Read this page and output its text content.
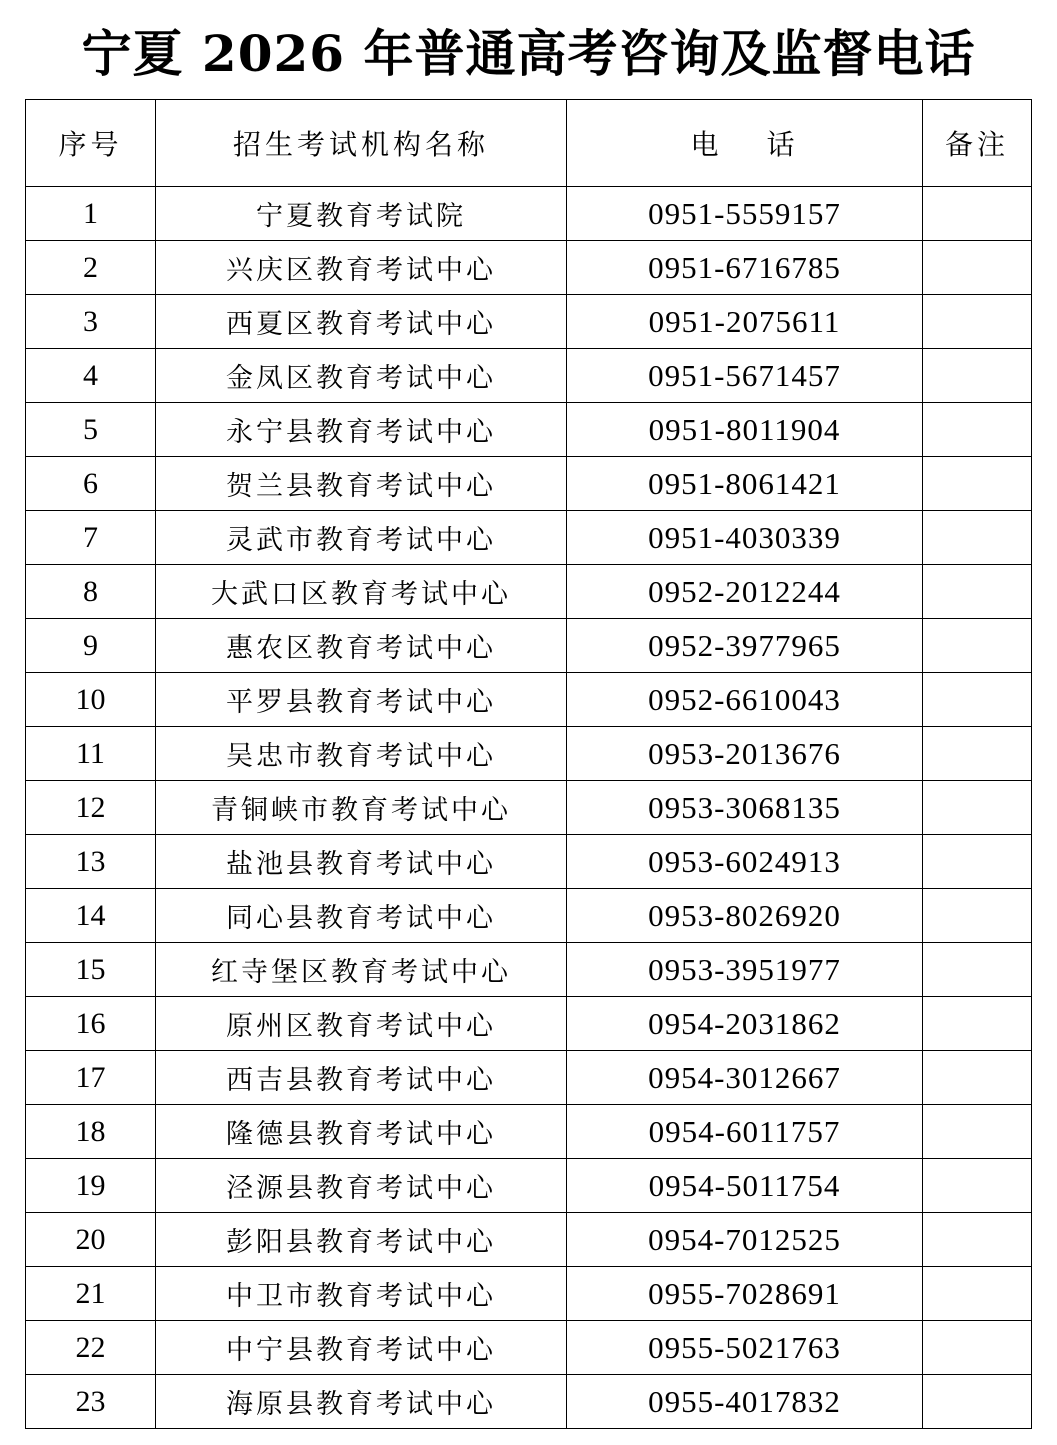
宁夏 2026 年普通高考咨询及监督电话
序号	招生考试机构名称	电 话	备注
1	宁夏教育考试院	0951-5559157	
2	兴庆区教育考试中心	0951-6716785	
3	西夏区教育考试中心	0951-2075611	
4	金凤区教育考试中心	0951-5671457	
5	永宁县教育考试中心	0951-8011904	
6	贺兰县教育考试中心	0951-8061421	
7	灵武市教育考试中心	0951-4030339	
8	大武口区教育考试中心	0952-2012244	
9	惠农区教育考试中心	0952-3977965	
10	平罗县教育考试中心	0952-6610043	
11	吴忠市教育考试中心	0953-2013676	
12	青铜峡市教育考试中心	0953-3068135	
13	盐池县教育考试中心	0953-6024913	
14	同心县教育考试中心	0953-8026920	
15	红寺堡区教育考试中心	0953-3951977	
16	原州区教育考试中心	0954-2031862	
17	西吉县教育考试中心	0954-3012667	
18	隆德县教育考试中心	0954-6011757	
19	泾源县教育考试中心	0954-5011754	
20	彭阳县教育考试中心	0954-7012525	
21	中卫市教育考试中心	0955-7028691	
22	中宁县教育考试中心	0955-5021763	
23	海原县教育考试中心	0955-4017832	
